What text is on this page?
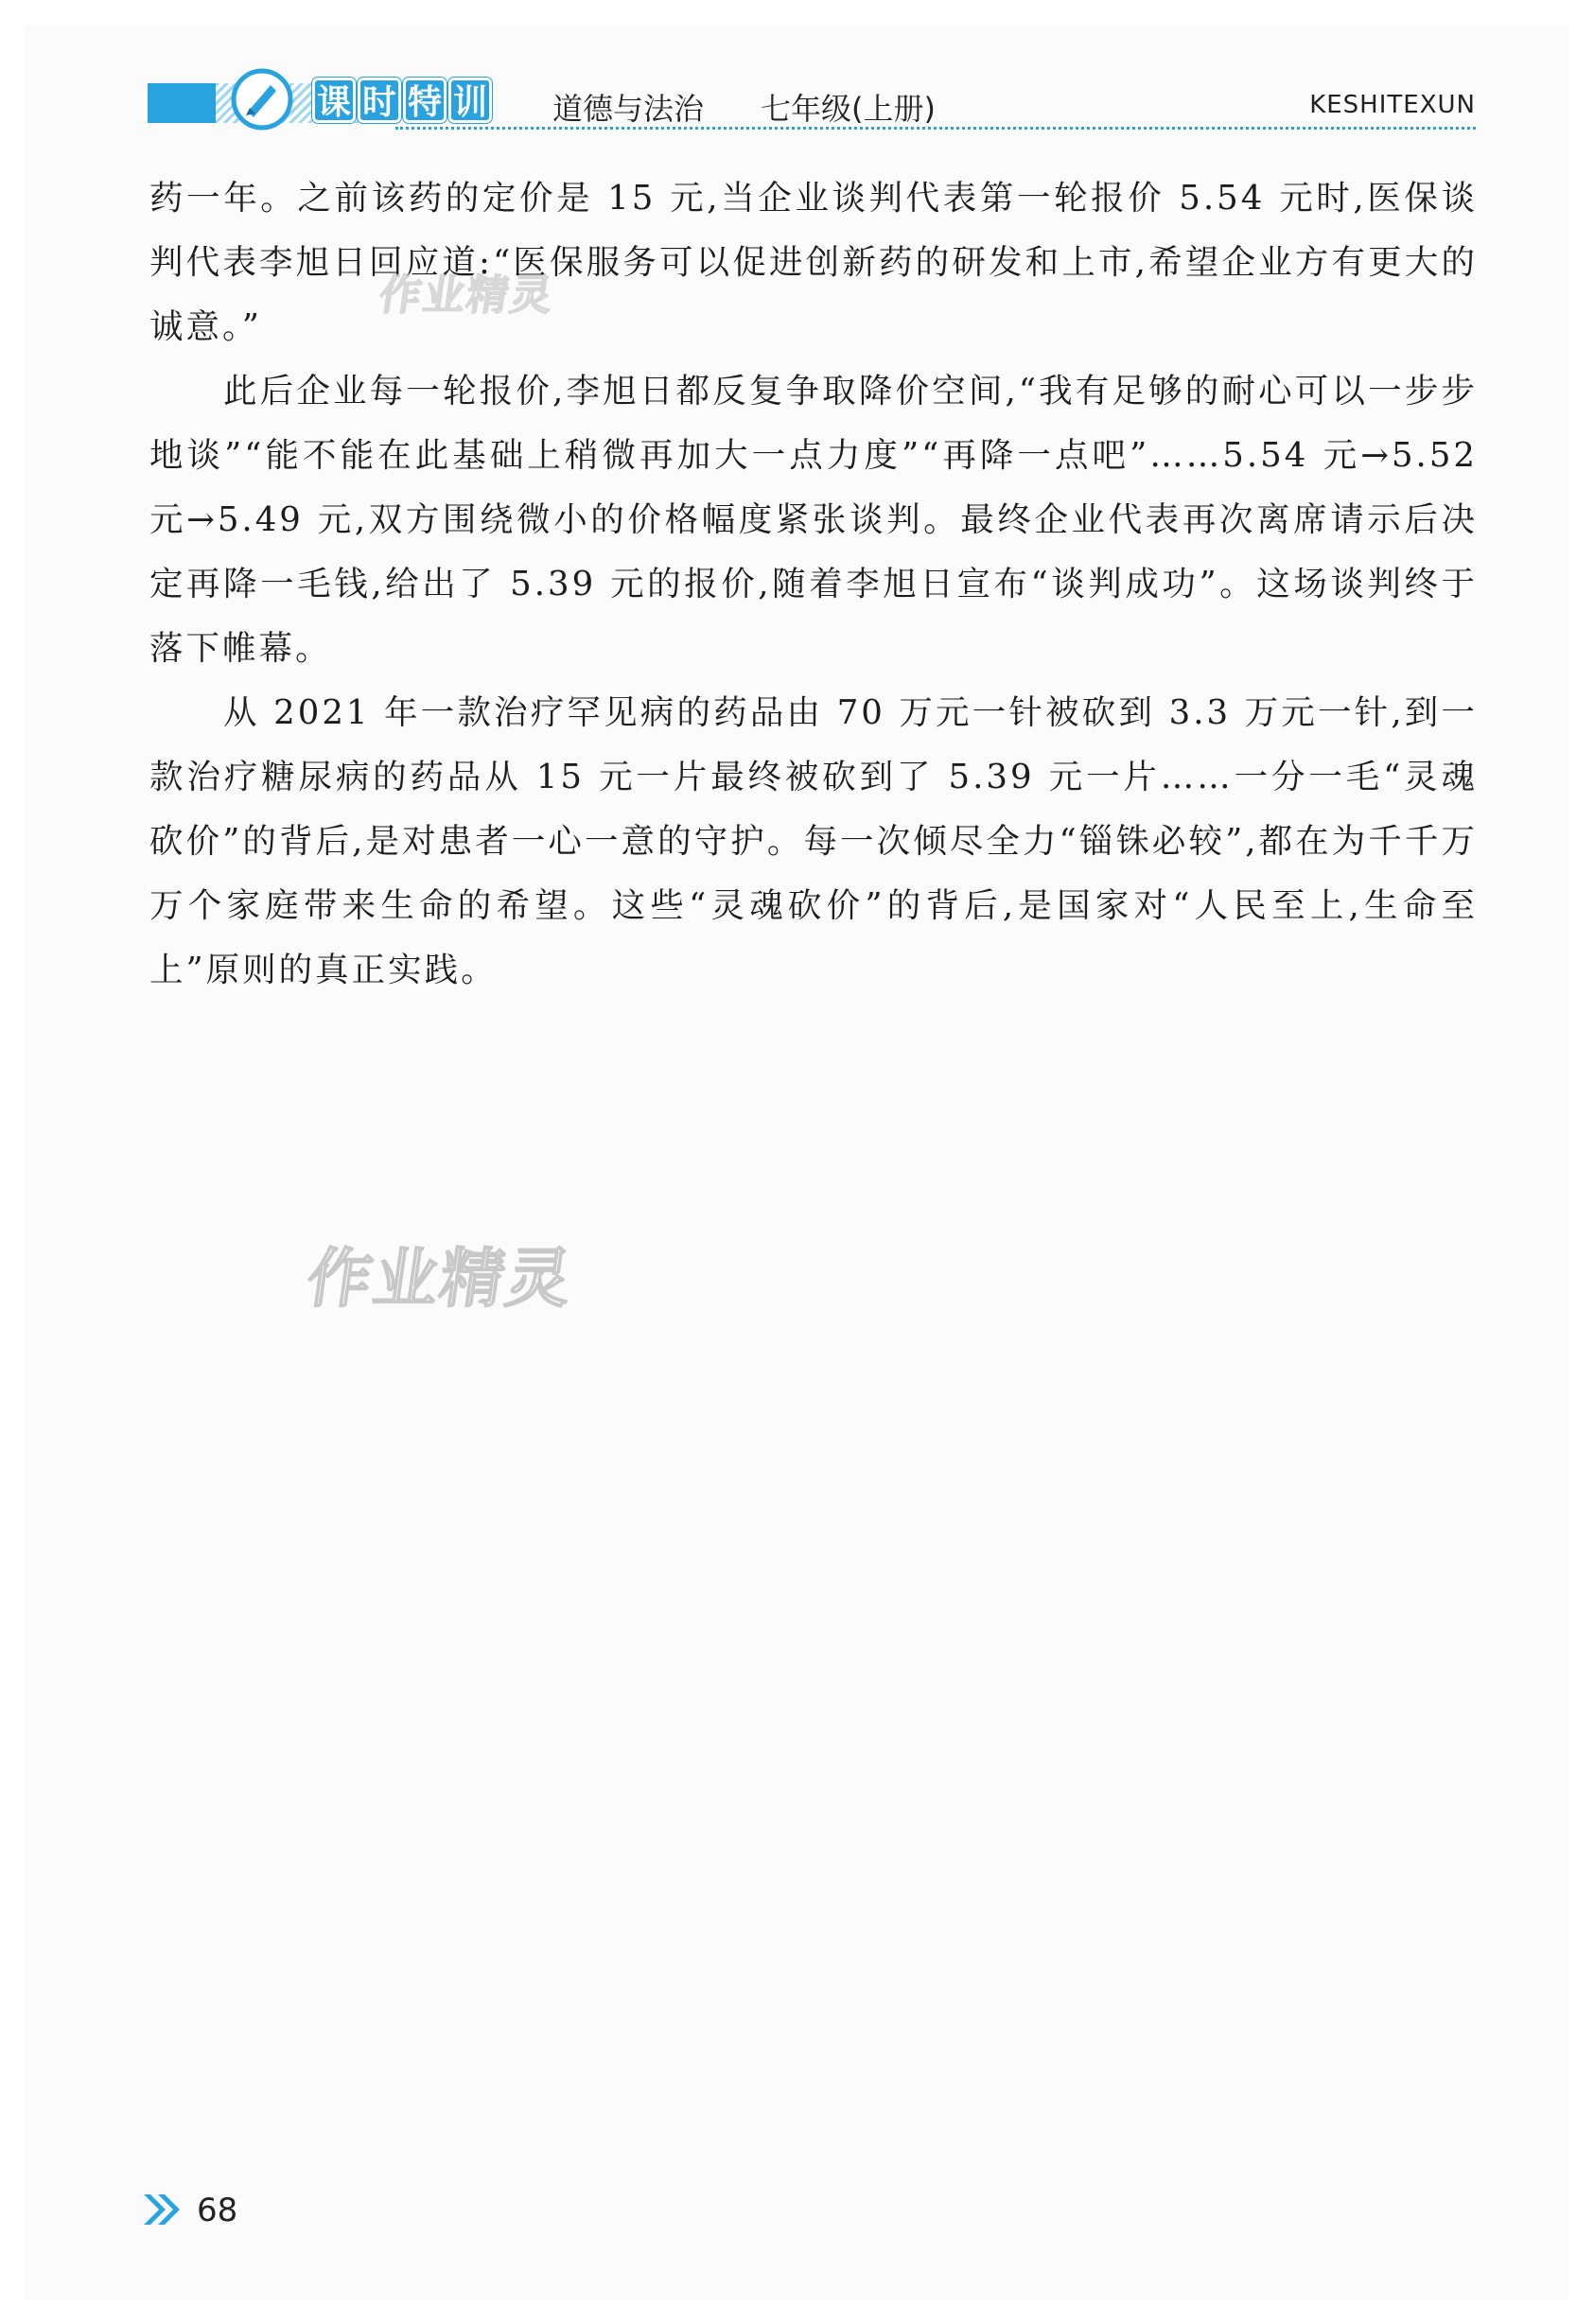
课 时 特 训 道德与法治 七年级(上册)	KESHITEXUN

药一年。之前该药的定价是 15 元,当企业谈判代表第一轮报价 5.54 元时,医保谈判代表李旭日回应道:“医保服务可以促进创新药的研发和上市,希望企业方有更大的诚意。”

此后企业每一轮报价,李旭日都反复争取降价空间,“我有足够的耐心可以一步步地谈”“能不能在此基础上稍微再加大一点力度”“再降一点吧”……5.54 元→5.52 元→5.49 元,双方围绕微小的价格幅度紧张谈判。最终企业代表再次离席请示后决定再降一毛钱,给出了 5.39 元的报价,随着李旭日宣布“谈判成功”。这场谈判终于落下帷幕。

从 2021 年一款治疗罕见病的药品由 70 万元一针被砍到 3.3 万元一针,到一款治疗糖尿病的药品从 15 元一片最终被砍到了 5.39 元一片……一分一毛“灵魂砍价”的背后,是对患者一心一意的守护。每一次倾尽全力“锱铢必较”,都在为千千万万个家庭带来生命的希望。这些“灵魂砍价”的背后,是国家对“人民至上,生命至上”原则的真正实践。

作业精灵
作业精灵
68
